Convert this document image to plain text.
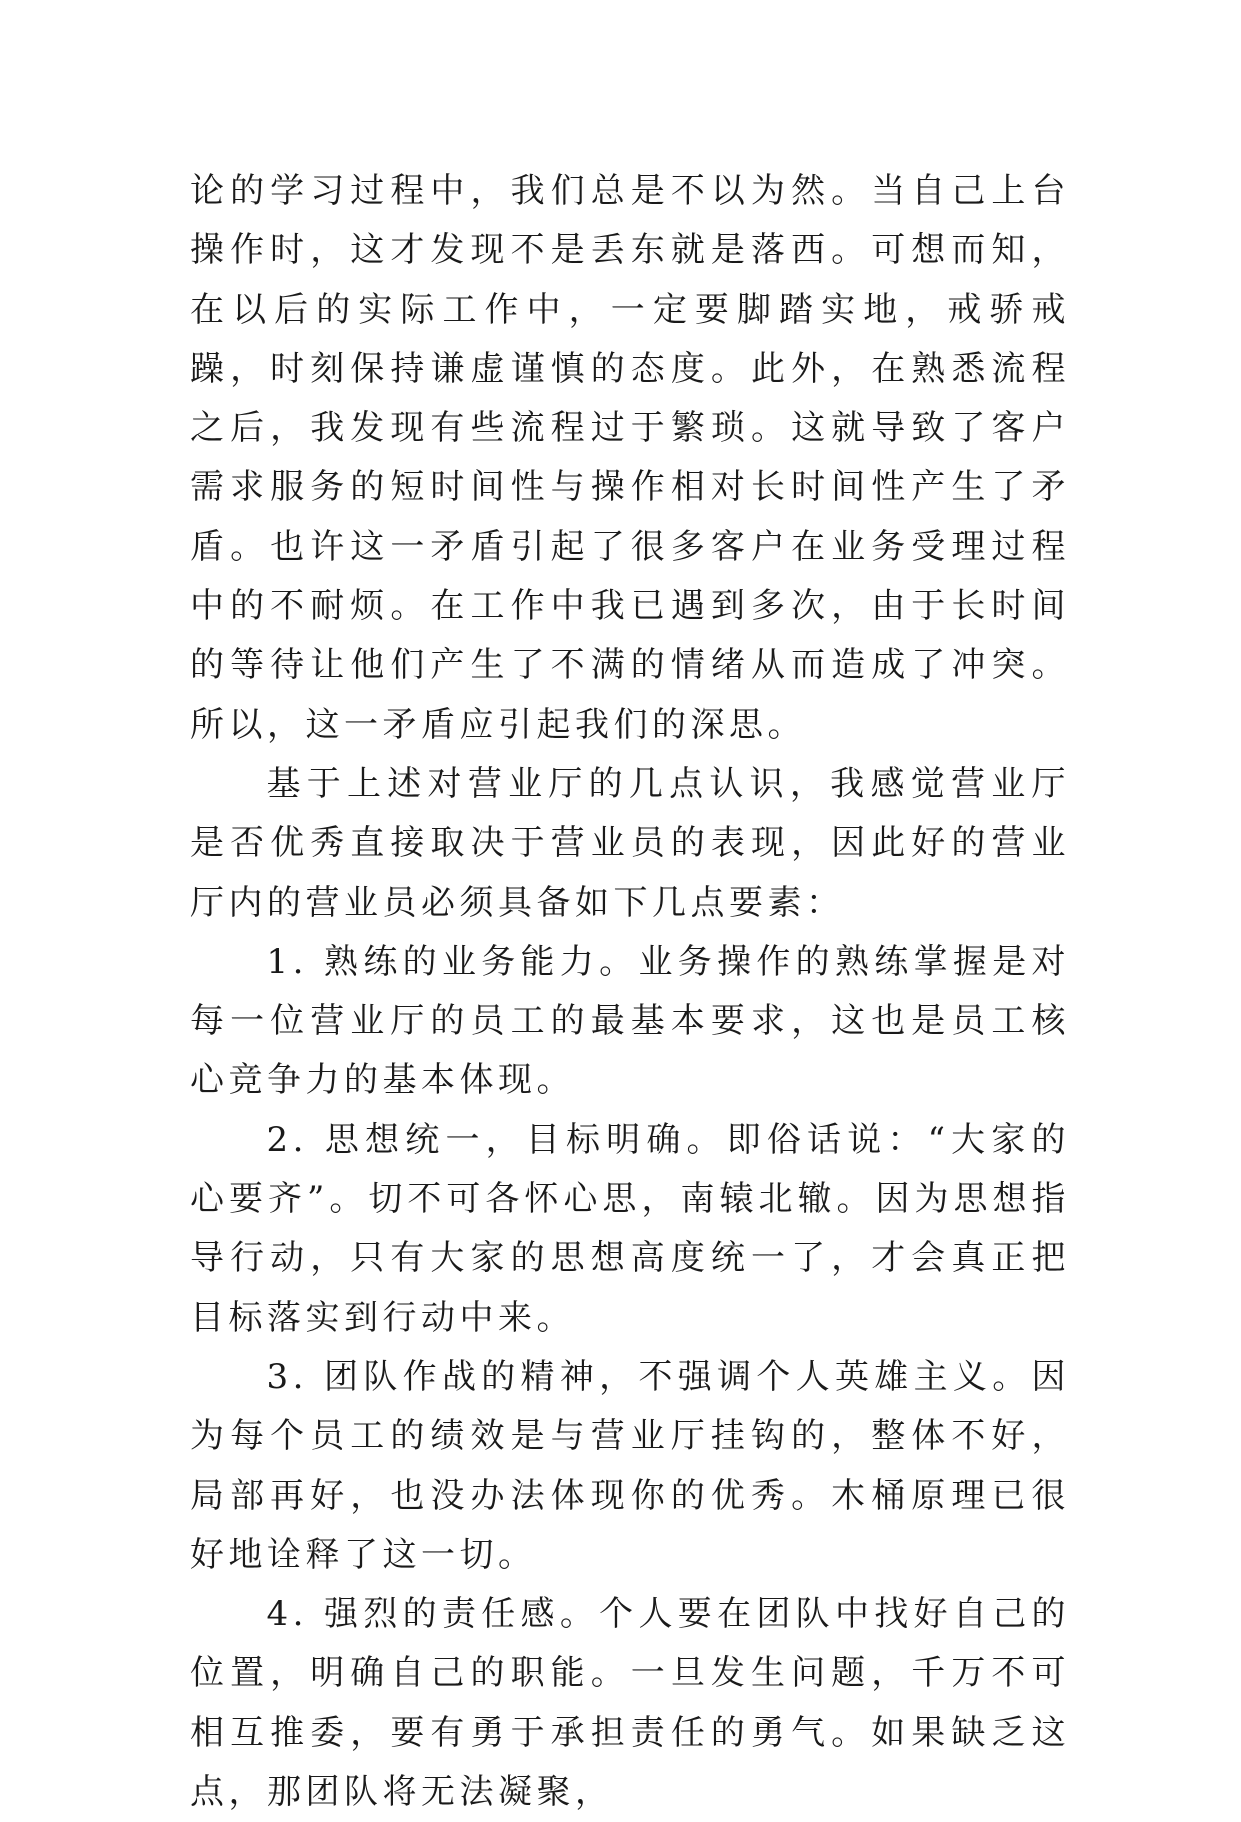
论的学习过程中，我们总是不以为然。当自己上台操作时，这才发现不是丢东就是落西。可想而知，在以后的实际工作中，一定要脚踏实地，戒骄戒躁，时刻保持谦虚谨慎的态度。此外，在熟悉流程之后，我发现有些流程过于繁琐。这就导致了客户需求服务的短时间性与操作相对长时间性产生了矛盾。也许这一矛盾引起了很多客户在业务受理过程中的不耐烦。在工作中我已遇到多次，由于长时间的等待让他们产生了不满的情绪从而造成了冲突。所以，这一矛盾应引起我们的深思。

基于上述对营业厅的几点认识，我感觉营业厅是否优秀直接取决于营业员的表现，因此好的营业厅内的营业员必须具备如下几点要素：

1. 熟练的业务能力。业务操作的熟练掌握是对每一位营业厅的员工的最基本要求，这也是员工核心竞争力的基本体现。

2. 思想统一，目标明确。即俗话说：“大家的心要齐”。切不可各怀心思，南辕北辙。因为思想指导行动，只有大家的思想高度统一了，才会真正把目标落实到行动中来。

3. 团队作战的精神，不强调个人英雄主义。因为每个员工的绩效是与营业厅挂钩的，整体不好，局部再好，也没办法体现你的优秀。木桶原理已很好地诠释了这一切。

4. 强烈的责任感。个人要在团队中找好自己的位置，明确自己的职能。一旦发生问题，千万不可相互推委，要有勇于承担责任的勇气。如果缺乏这点，那团队将无法凝聚，
